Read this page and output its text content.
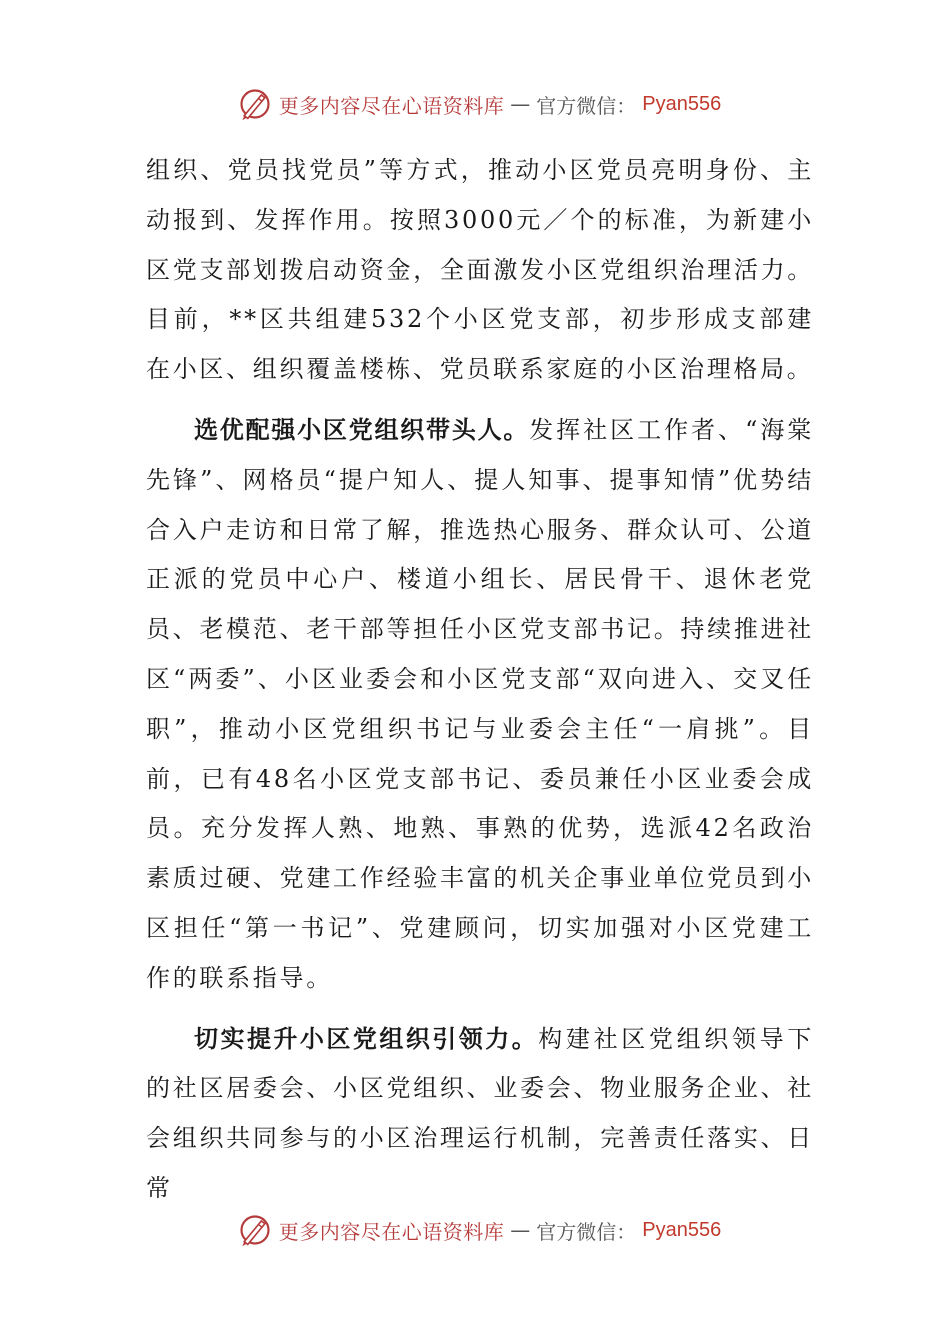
更多内容尽在心语资料库 — 官方微信： Pyan556

组织、党员找党员”等方式，推动小区党员亮明身份、主动报到、发挥作用。按照3000元／个的标准，为新建小区党支部划拨启动资金，全面激发小区党组织治理活力。目前，**区共组建532个小区党支部，初步形成支部建在小区、组织覆盖楼栋、党员联系家庭的小区治理格局。

选优配强小区党组织带头人。发挥社区工作者、“海棠先锋”、网格员“提户知人、提人知事、提事知情”优势结合入户走访和日常了解，推选热心服务、群众认可、公道正派的党员中心户、楼道小组长、居民骨干、退休老党员、老模范、老干部等担任小区党支部书记。持续推进社区“两委”、小区业委会和小区党支部“双向进入、交叉任职”，推动小区党组织书记与业委会主任“一肩挑”。目前，已有48名小区党支部书记、委员兼任小区业委会成员。充分发挥人熟、地熟、事熟的优势，选派42名政治素质过硬、党建工作经验丰富的机关企事业单位党员到小区担任“第一书记”、党建顾问，切实加强对小区党建工作的联系指导。

切实提升小区党组织引领力。构建社区党组织领导下的社区居委会、小区党组织、业委会、物业服务企业、社会组织共同参与的小区治理运行机制，完善责任落实、日常

更多内容尽在心语资料库 — 官方微信： Pyan556
